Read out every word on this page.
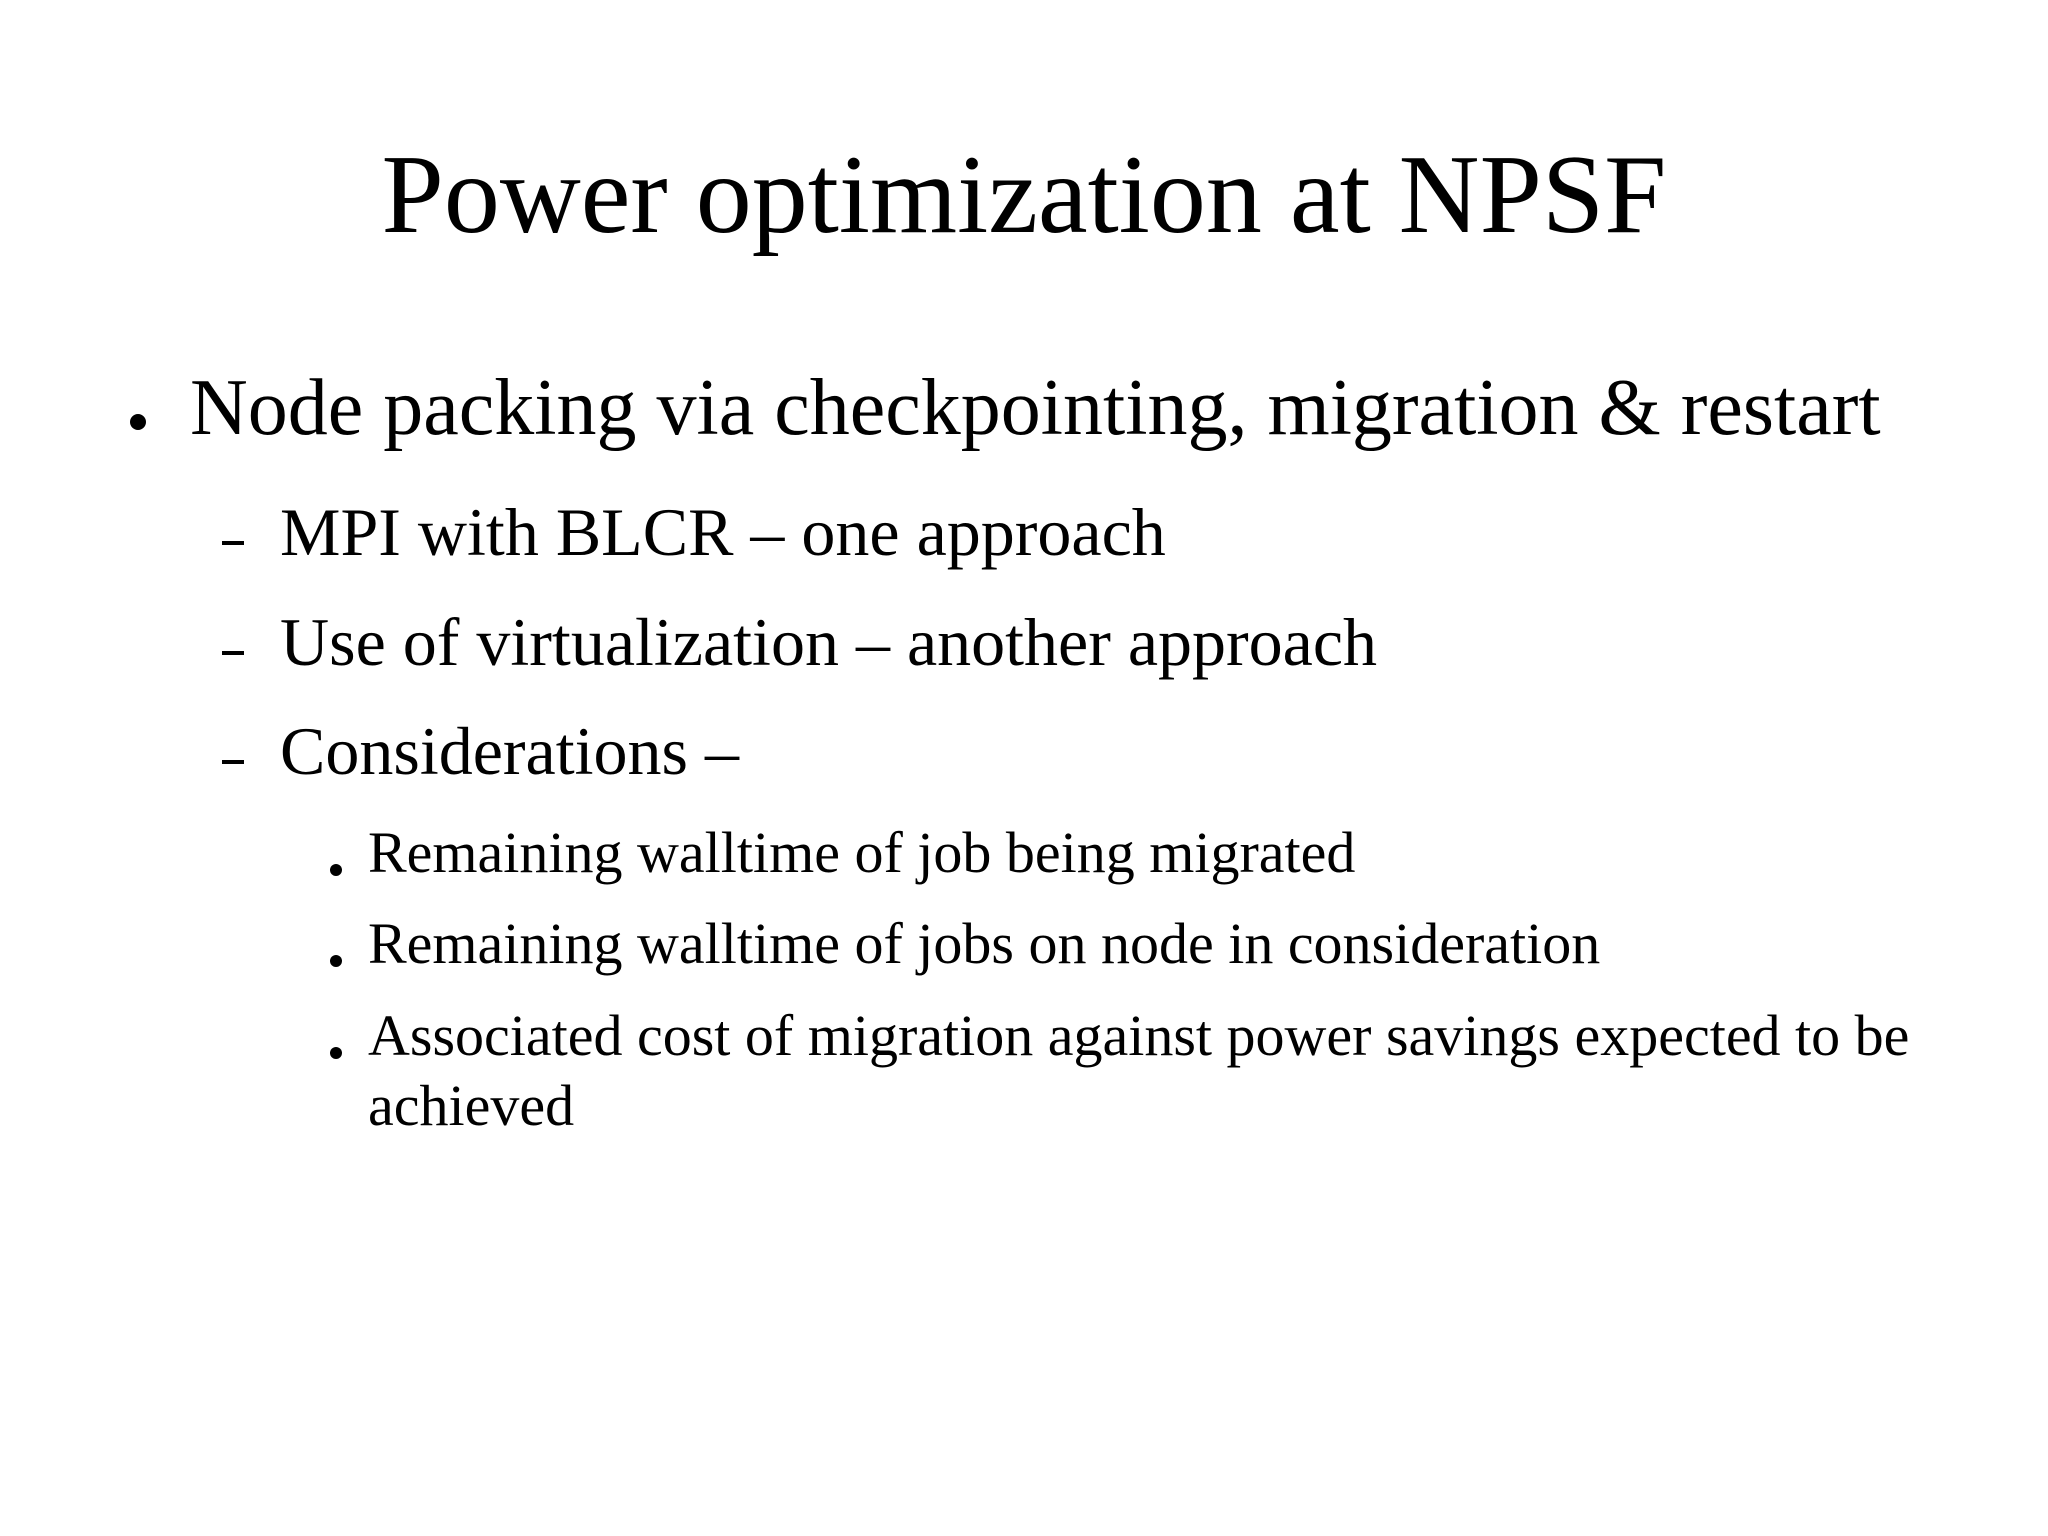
Power optimization at NPSF
Node packing via checkpointing, migration & restart
MPI with BLCR – one approach
Use of virtualization – another approach
Considerations –
Remaining walltime of job being migrated
Remaining walltime of jobs on node in consideration
Associated cost of migration against power savings expected to be achieved
